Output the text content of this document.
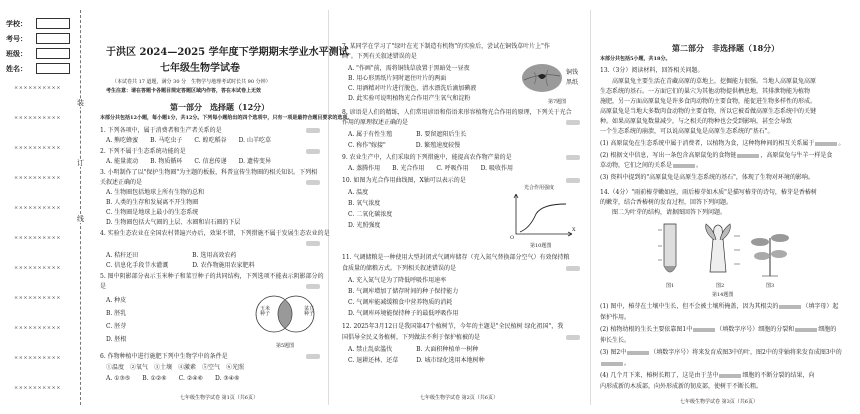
学校：
考号：
班级：
姓名：
××××××××××
××××××××××
××××××××××
××××××××××
××××××××××
××××××××××
××××××××××
××××××××××
××××××××××
××××××××××
××××××××××
装
订
线
于洪区 2024—2025 学年度下学期期末学业水平测试
七年级生物学试卷
（本试卷共 17 道题，满分 30 分　生物学与地理考试时长共 90 分钟）
考生注意：请在答题卡各题目规定答题区域内作答，答在本试卷上无效
第一部分　选择题（12分）
本部分共包括12小题，每小题1分，共12分。下列每小题给出的四个选项中，只有一项是最符合题目要求的选项。
1. 下列各项中，属于消费者和生产者关系的是
A. 熊吃蜂蜜　　B. 马吃虫子　　C. 蝗吃稻谷　　D. 山羊吃草
2. 下列不属于生态系统功能的是
A. 能量流动　　B. 物质循环　　C. 信息传递　　D. 遗传变异
3. 小明制作了以"保护生物圈"为主题的板报，科普宣传生物圈的相关知识。下列相
关叙述正确的是
A. 生物圈包括地球上所有生物的总和
B. 人类的生存和发展离不开生物圈
C. 生物圈是地球上最小的生态系统
D. 生物圈包括大气圈的上层、水圈和岩石圈的下层
4. 实验生态农业在全国农村普遍兴办后，效果不错，下列措施不属于发展生态农业的是
A. 秸秆还田　　　　　　　　　B. 选用高效农药
C. 信息化手段节水灌溉　　　　D. 农作物施用农家肥料
5. 图中阴影部分表示玉米种子和菜豆种子的共同结构，下列选项不能表示阴影部分的
是
A. 种皮
B. 胚乳
C. 胚芽
D. 胚根
玉米 种子
菜豆 种子
第5题图
6. 作物种植中进行施肥下列中生物学中的条件是
①温度　②氧气　③土壤　④激素　⑤空气　⑥光照
A. ①③⑤　　B. ①②⑥　　C. ②④⑥　　D. ③④⑥
七年级生物学试卷 第1页（共6页）
7. 某同学在学习了"绿叶在光下制造有机物"的实验后，尝试在铜钱草叶片上"作
画"。下列有关叙述错误的是
A. "作画"前，需将铜钱草放置于黑暗处一昼夜
B. 用心形黑纸片同时遮住叶片的两面
C. 用酒精对叶片进行脱色，清水漂洗后滴加碘液
D. 此实验可说明植物光合作用产生氧气和淀粉
铜钱
黑纸
第7题图
8. 谚语是人们的精练，人们常用谚语和俗语来形容植物光合作用的原理，下列关于光合
作用的原理叙述正确的是
A. 属于有性生殖　　　　B. 要留遮阳后生长
C. 称作"嫁接"　　　　　D. 繁殖速度较慢
9. 农业生产中，人们采取的下列措施中，能提高农作物产量的是
A. 蒸腾作用　　B. 光合作用　　C. 呼吸作用　　D. 吸收作用
10. 如图为光合作用曲线图，X轴可以表示的是
A. 温度
B. 氧气浓度
C. 二氧化碳浓度
D. 光照强度
光合作用强度
O
X
第10题图
11. 气调储粮是一种使用大型封闭式气调库储存（充入氮气替换部分空气）有效保持粮
食质量的储粮方式。下列相关叙述错误的是
A. 充入氮气是为了降低呼吸作用速率
B. 气调库增加了储存时间的种子保持能力
C. 气调库能减缓粮食中营养物质的消耗
D. 气调库环境能保持种子的最低呼吸作用
12. 2025年3月12日是我国第47个植树节，今年的主题是"全民植树 绿化祖国"，我
国倡导全民义务植树，下列做法不利于保护植被的是
A. 禁止乱砍滥伐　　　　B. 大面积种植单一树种
C. 退耕还林、还草　　　D. 城市绿化选用本地树种
七年级生物学试卷 第2页（共6页）
第二部分　非选择题（18分）
本部分共包括5小题，共18分。
13.（3分）阅读材料，回答相关问题。
　　高原鼠兔主要生活在青藏高原的草地上，挖掘能力很强。当地人高原鼠兔高原
生态系统的基石。一方面它们的巢穴为其他动物提供栖息地，其排泄物能为植物
施肥，另一方面高原鼠兔是许多食肉动物的主要食物，能促进生物多样性的形成。
高原鼠兔是当地大多数肉食动物的主要食物，所以它被看做高原生态系统中的关键
种。如果高原鼠兔数量减少，与之相关的物种也会受到影响，甚至会导致
一个生态系统的崩溃，可以说高原鼠兔是高原生态系统的"基石"。
(1) 高原鼠兔在生态系统中属于消费者，以植物为食，这种物种间的相互关系属于	。
(2) 根据文中信息，写出一条包含高原鼠兔的食物链	，高原鼠兔与牛羊一样是食
草动物，它们之间的关系是	。
(3) 资料中提到的"高原鼠兔是高原生态系统的基石"，体现了生物对环境的影响。
14.（4分）"雨前椿芽嫩如丝，雨后椿芽如木质"是描写椿芽的诗句，椿芽是香椿树
的嫩芽，结合香椿树的发育过程，回答下列问题。
　　图二为叶芽的结构，请据图回答下列问题。
图1	图2	图3
第14题图
(1) 图中，椿芽在土壤中生长，但不会被土壤所掩盖，因为其根尖的	（填字母）起
保护作用。
(2) 植物幼根的生长主要依靠图1中	（填数字序号）细胞的分裂和	细胞的
伸长生长。
(3) 图2中	（填数字序号）将来发育成图3中的叶，图2中的芽轴将来发育成图3中的
。
(4) 几个月下来，椿树长粗了，这是由于茎中	细胞的不断分裂的结果，向
内形成新的木质部，向外形成新的韧皮部，使树干不断长粗。
七年级生物学试卷 第3页（共6页）
